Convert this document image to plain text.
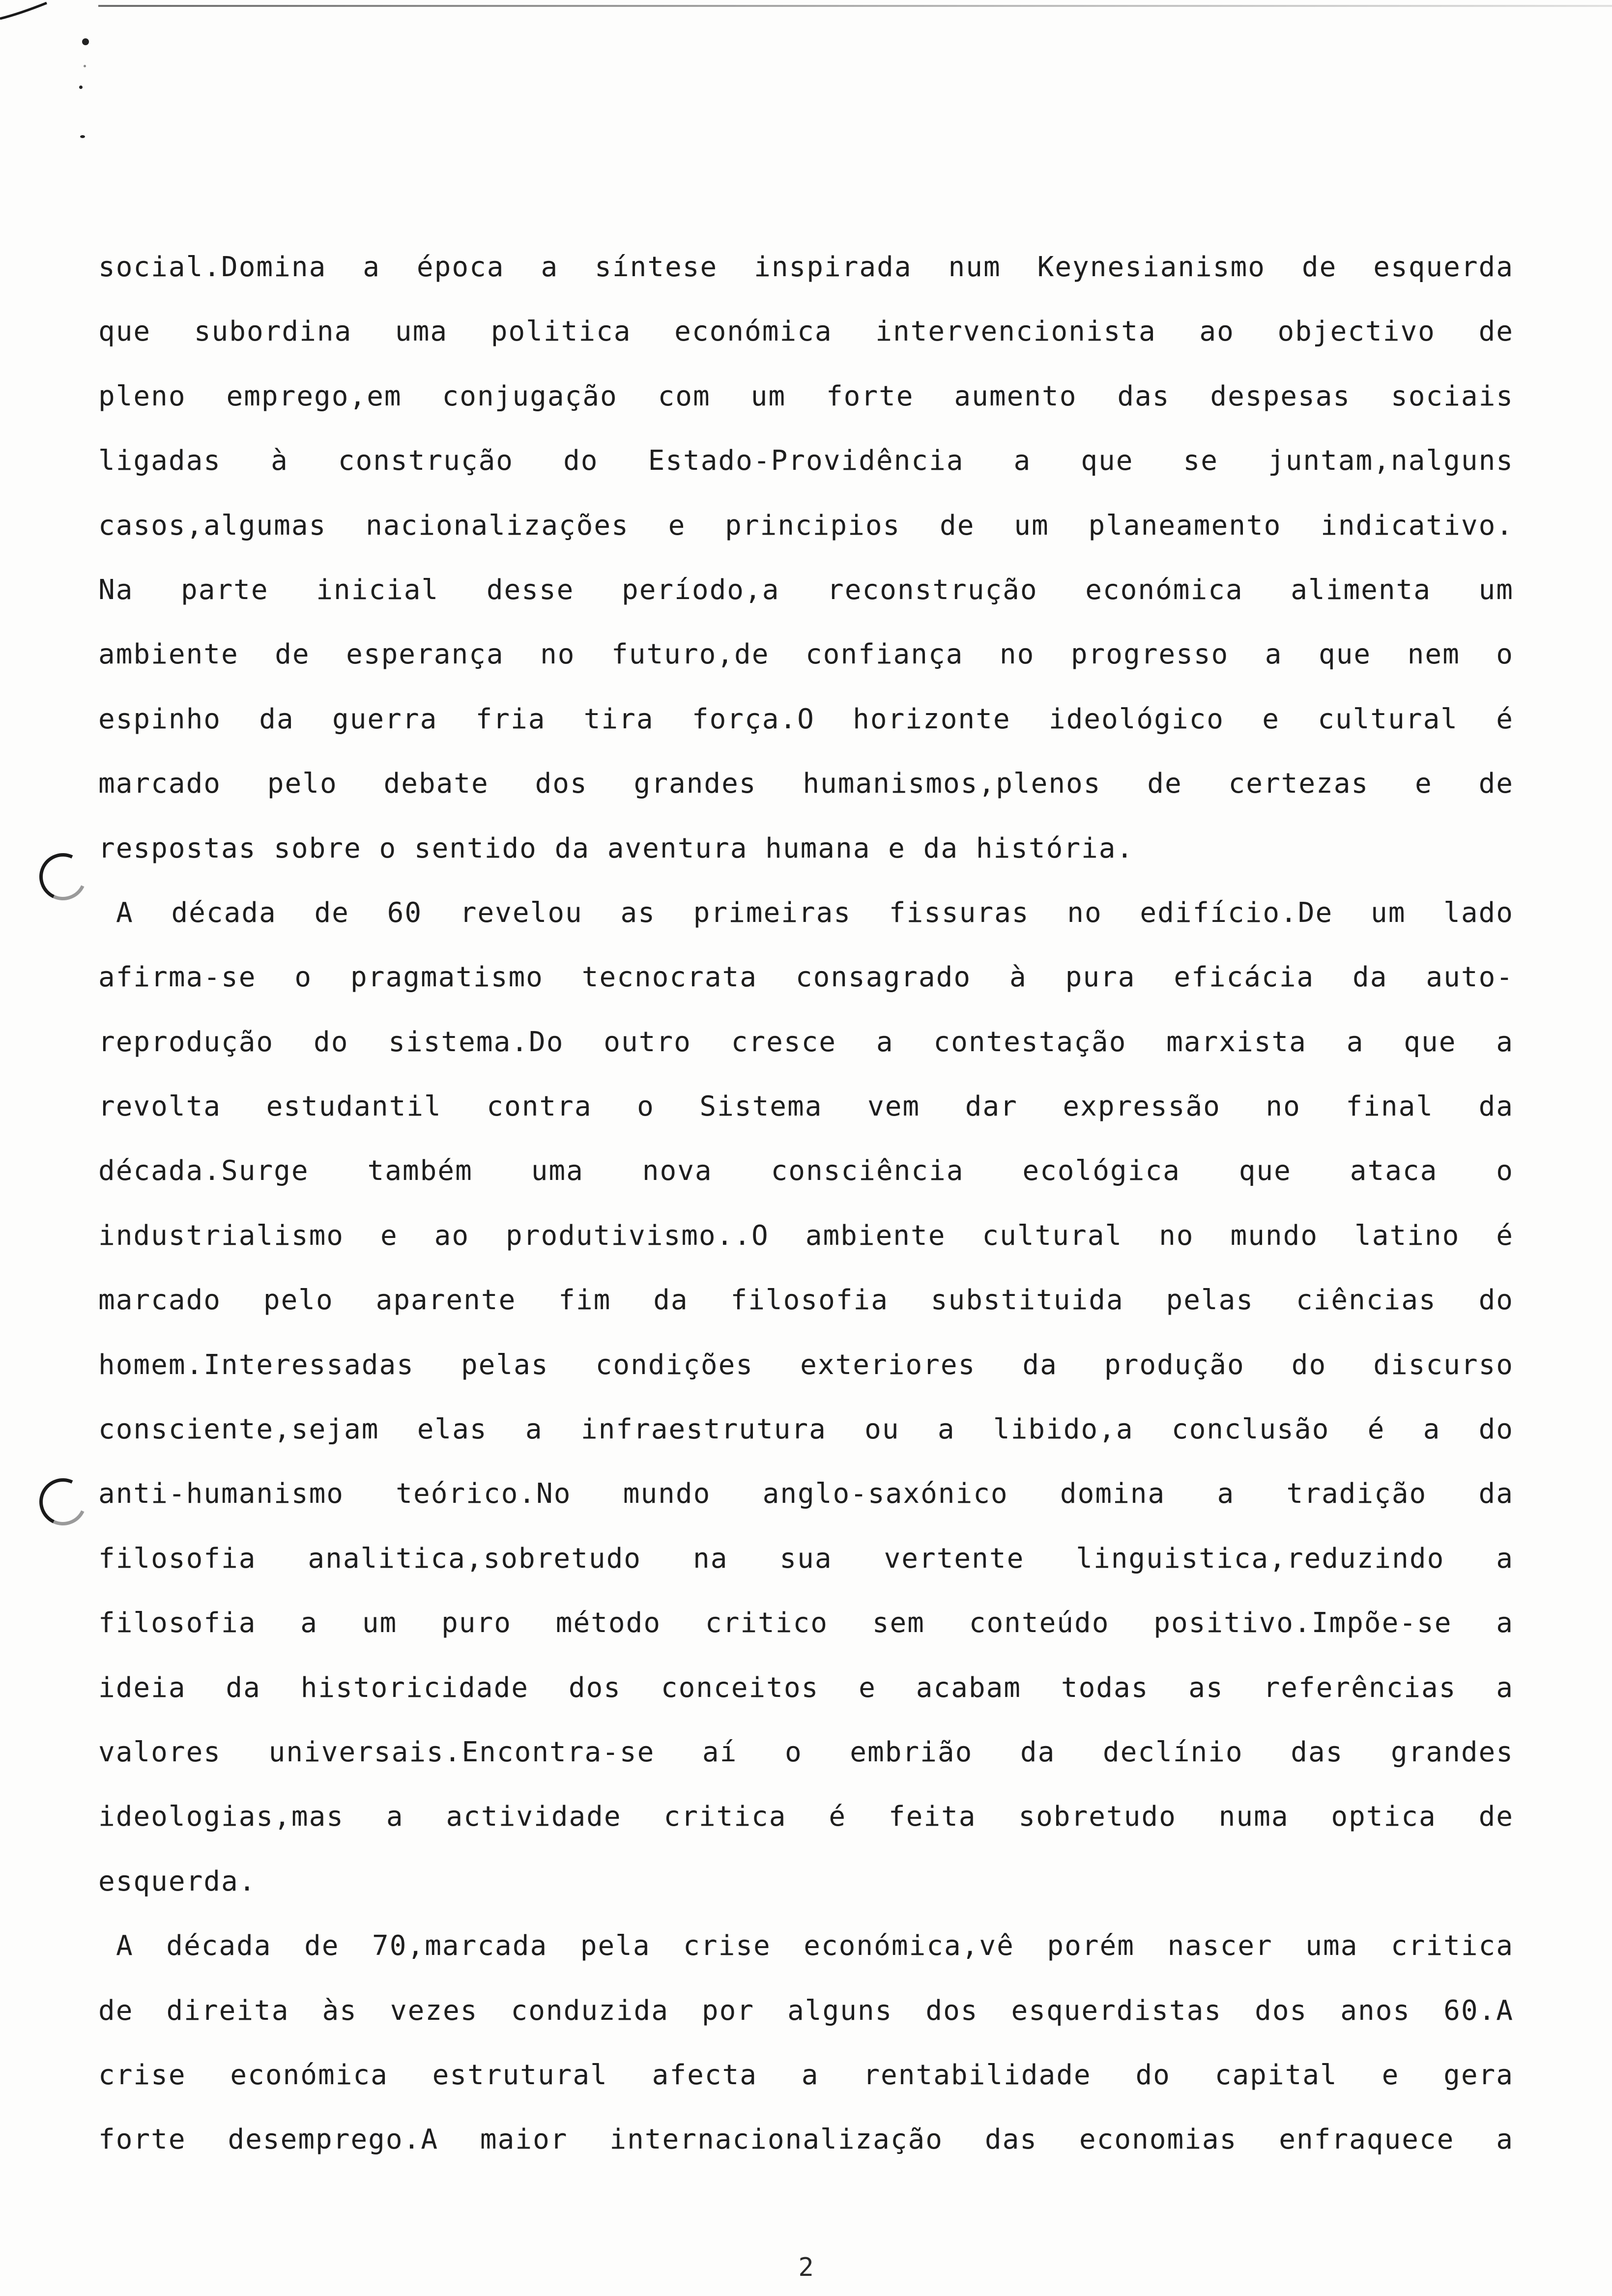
social.Domina a época a síntese inspirada num Keynesianismo de esquerda
que subordina uma politica económica intervencionista ao objectivo de
pleno emprego,em conjugação com um forte aumento das despesas sociais
ligadas à construção do Estado-Providência a que se juntam,nalguns
casos,algumas nacionalizações e principios de um planeamento indicativo.
Na parte inicial desse período,a reconstrução económica alimenta um
ambiente de esperança no futuro,de confiança no progresso a que nem o
espinho da guerra fria tira força.O horizonte ideológico e cultural é
marcado pelo debate dos grandes humanismos,plenos de certezas e de
respostas sobre o sentido da aventura humana e da história.
A década de 60 revelou as primeiras fissuras no edifício.De um lado
afirma-se o pragmatismo tecnocrata consagrado à pura eficácia da auto-
reprodução do sistema.Do outro cresce a contestação marxista a que a
revolta estudantil contra o Sistema vem dar expressão no final da
década.Surge também uma nova consciência ecológica que ataca o
industrialismo e ao produtivismo..O ambiente cultural no mundo latino é
marcado pelo aparente fim da filosofia substituida pelas ciências do
homem.Interessadas pelas condições exteriores da produção do discurso
consciente,sejam elas a infraestrutura ou a libido,a conclusão é a do
anti-humanismo teórico.No mundo anglo-saxónico domina a tradição da
filosofia analitica,sobretudo na sua vertente linguistica,reduzindo a
filosofia a um puro método critico sem conteúdo positivo.Impõe-se a
ideia da historicidade dos conceitos e acabam todas as referências a
valores universais.Encontra-se aí o embrião da declínio das grandes
ideologias,mas a actividade critica é feita sobretudo numa optica de
esquerda.
A década de 70,marcada pela crise económica,vê porém nascer uma critica
de direita às vezes conduzida por alguns dos esquerdistas dos anos 60.A
crise económica estrutural afecta a rentabilidade do capital e gera
forte desemprego.A maior internacionalização das economias enfraquece a
2
